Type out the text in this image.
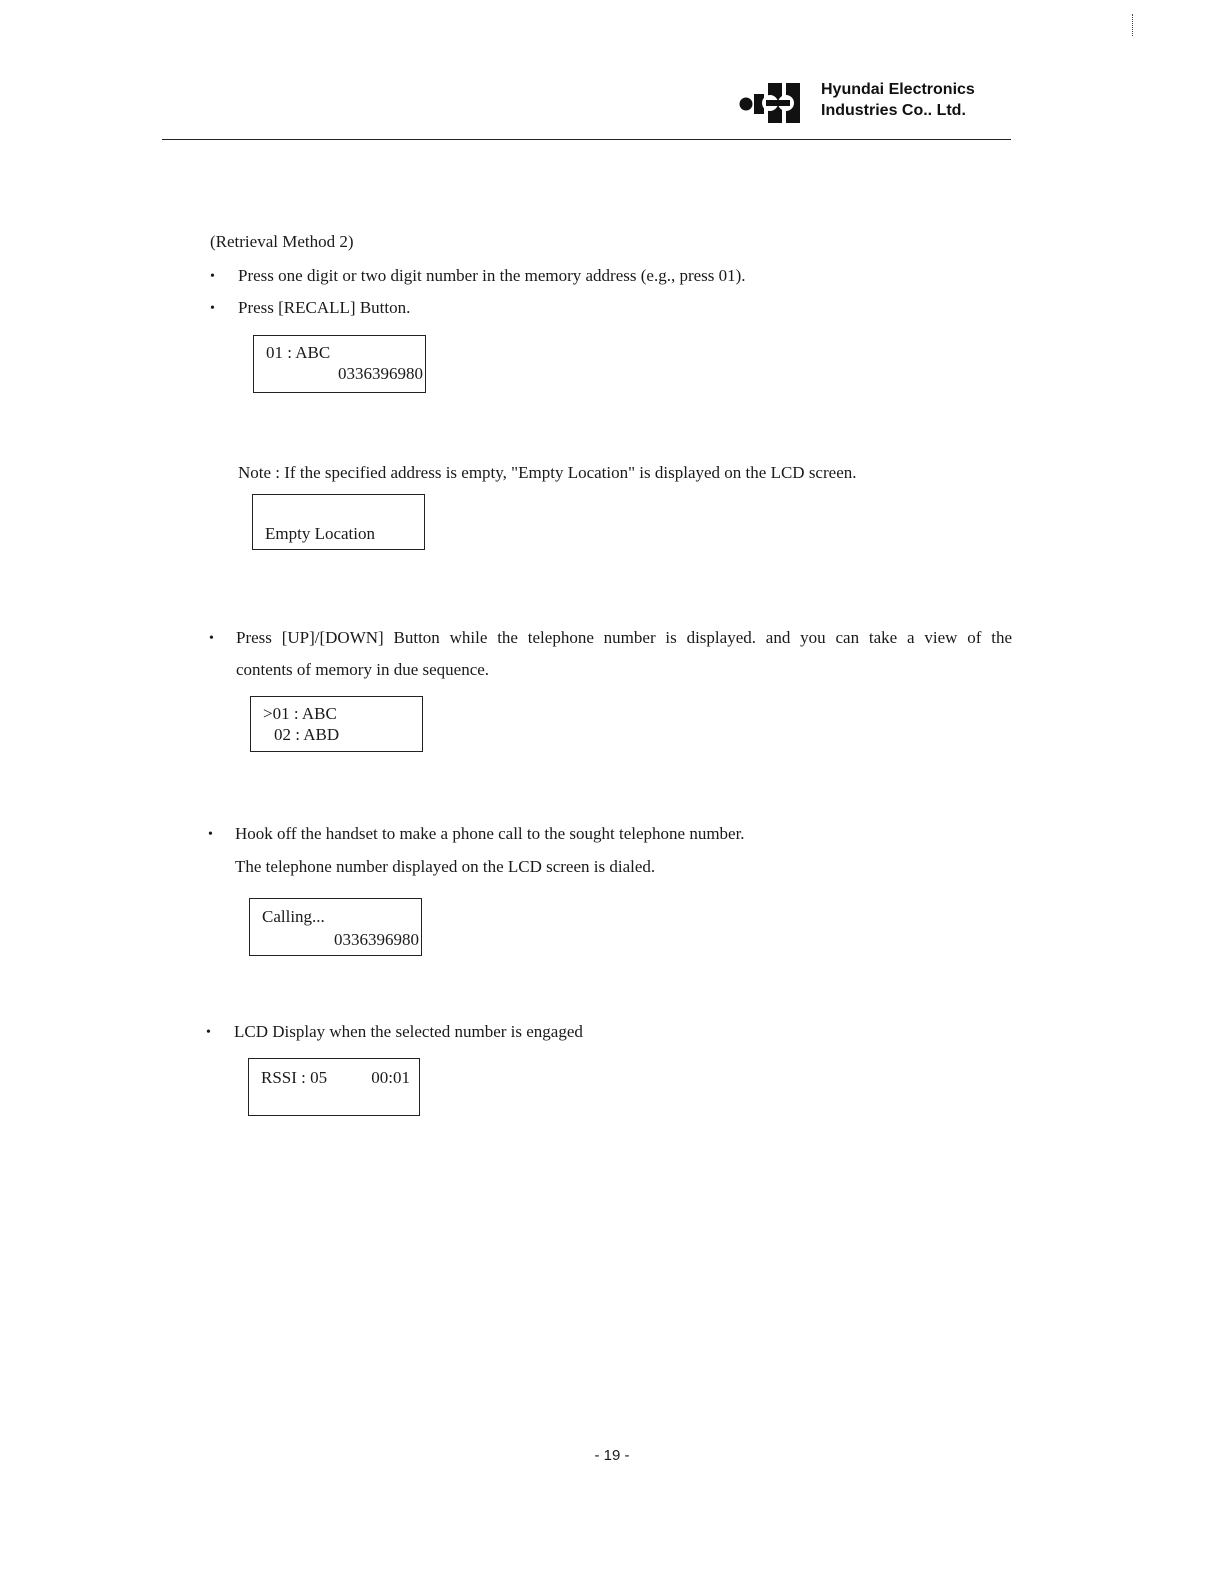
Hyundai Electronics
Industries Co.. Ltd.
(Retrieval Method 2)
• Press one digit or two digit number in the memory address (e.g., press 01).
• Press [RECALL] Button.
01 : ABC
0336396980
Note : If the specified address is empty, "Empty Location" is displayed on the LCD screen.
Empty Location
• Press [UP]/[DOWN] Button while the telephone number is displayed. and you can take a view of the
contents of memory in due sequence.
>01 : ABC
02 : ABD
• Hook off the handset to make a phone call to the sought telephone number.
The telephone number displayed on the LCD screen is dialed.
Calling...
0336396980
• LCD Display when the selected number is engaged
RSSI : 05	00:01
- 19 -
